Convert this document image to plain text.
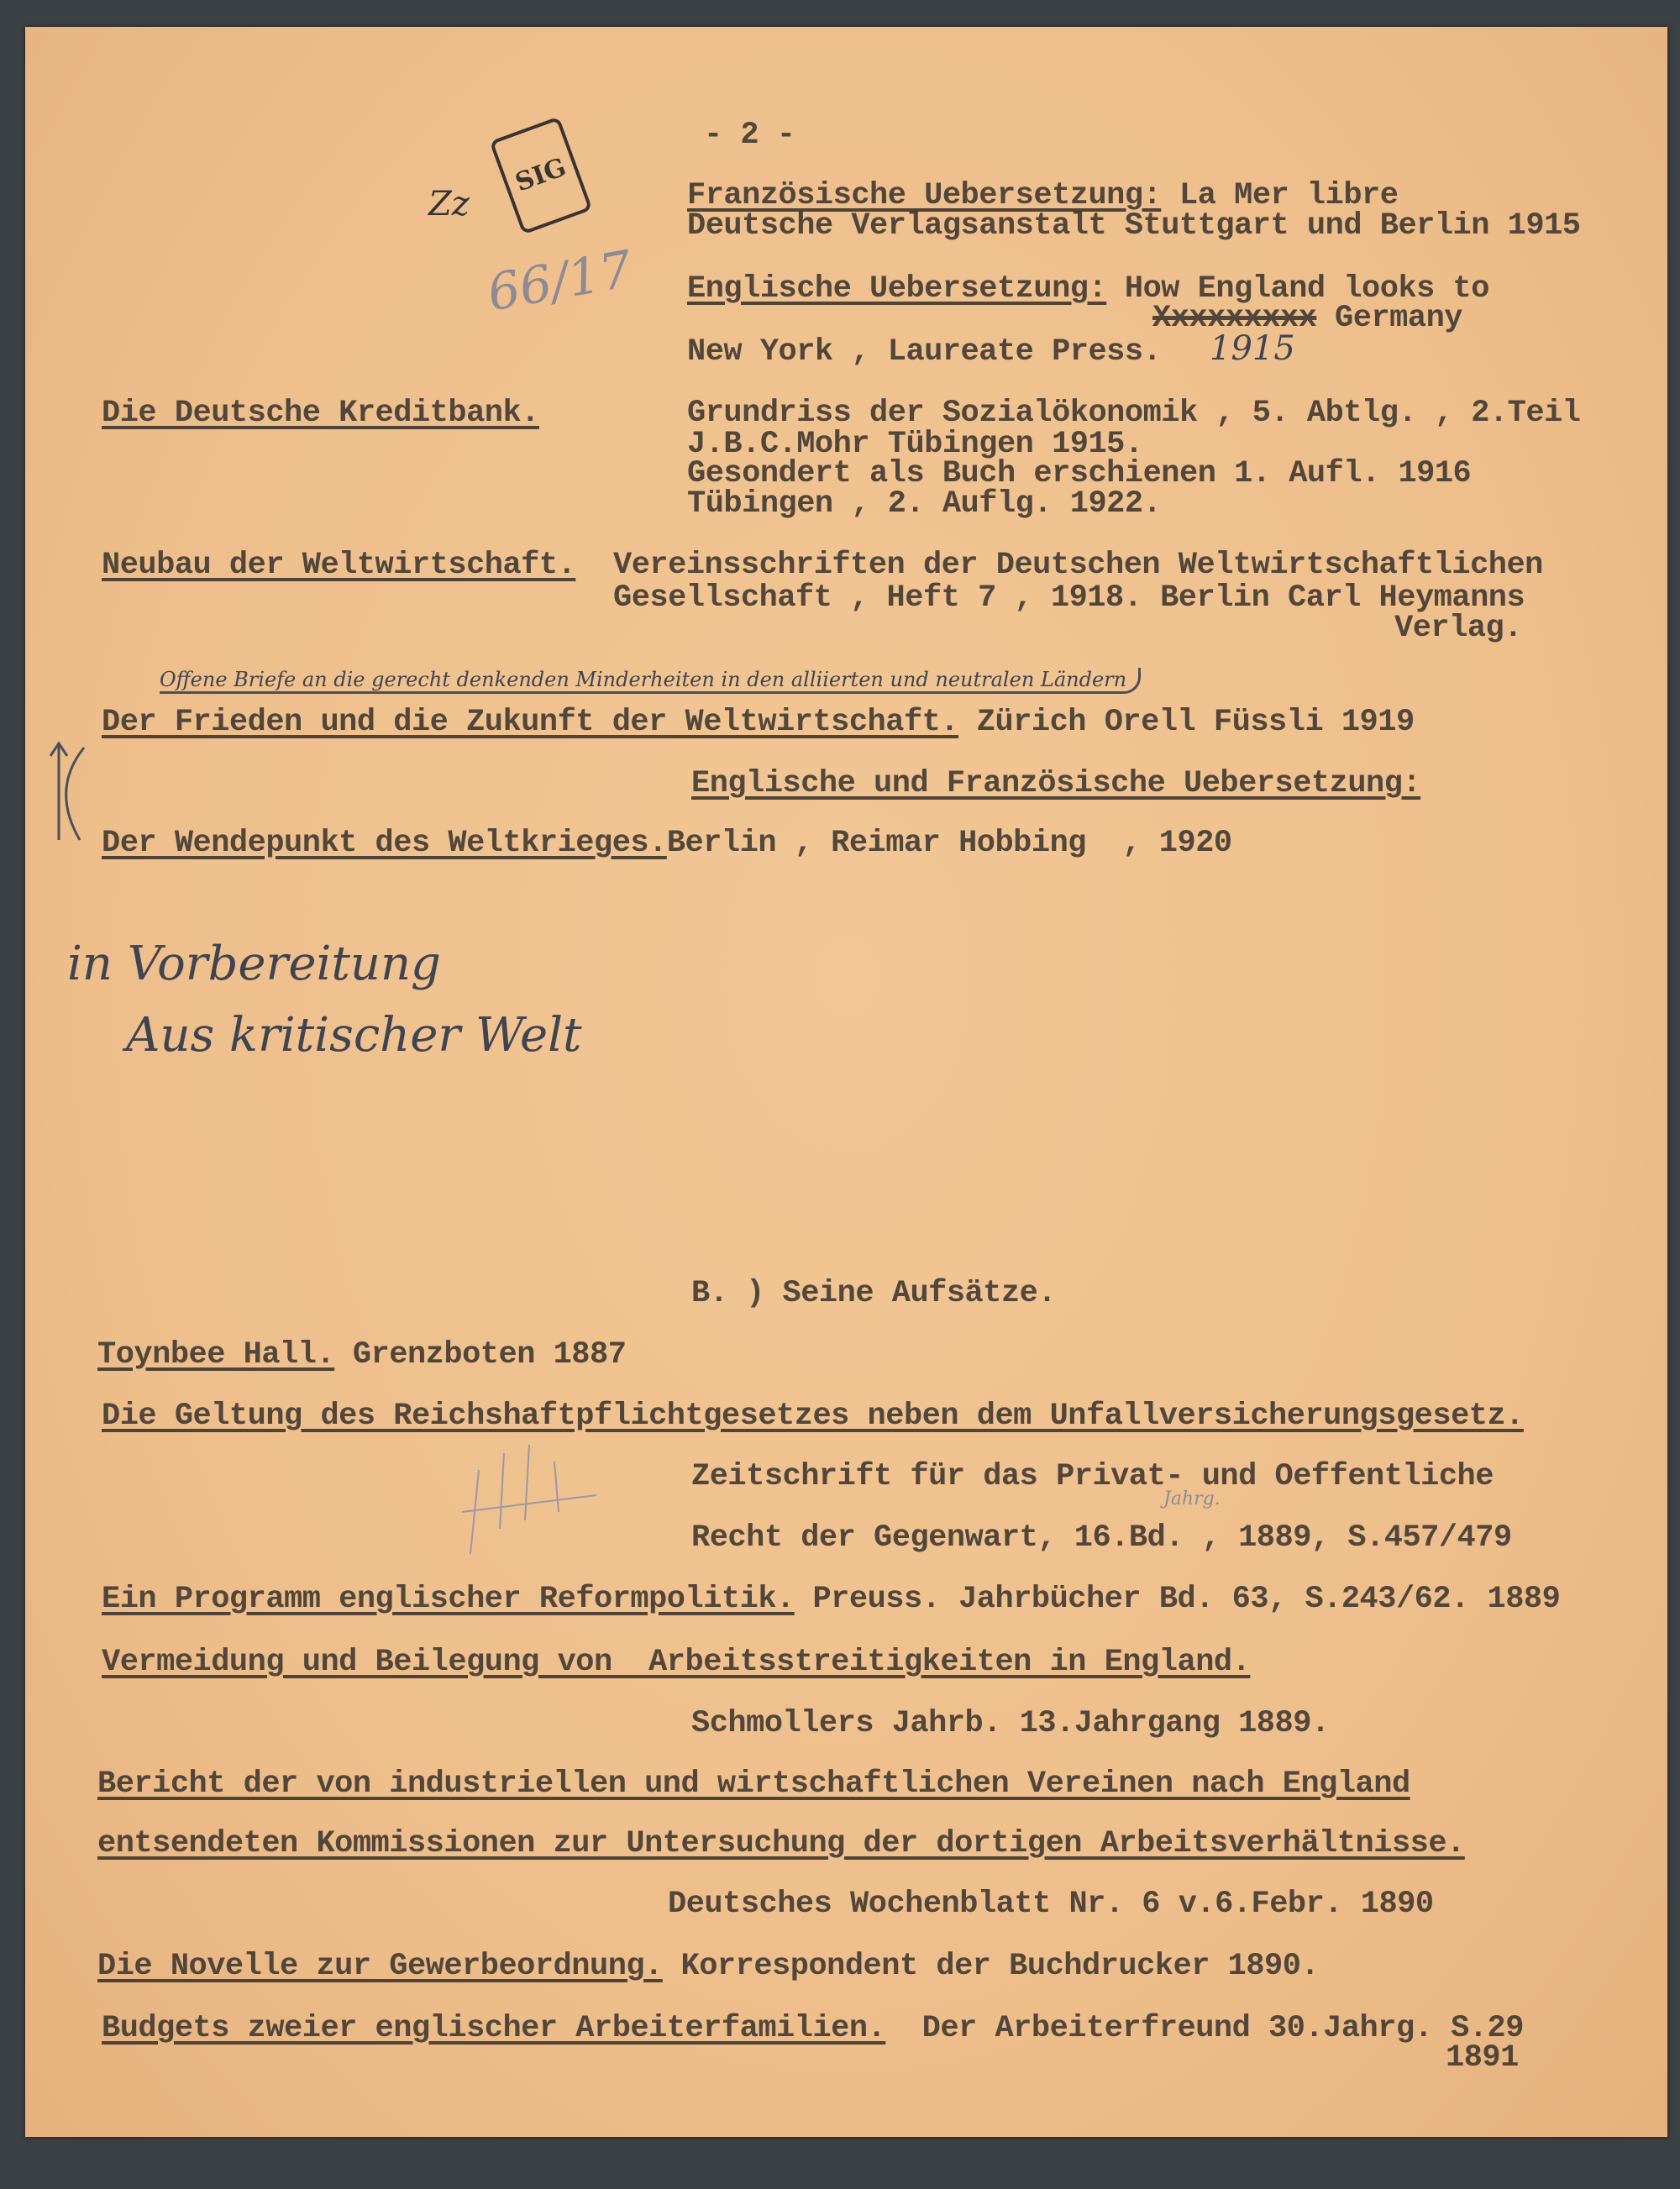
- 2 -
SIG
Zz
66/17
Französische Uebersetzung: La Mer libre
Deutsche Verlagsanstalt Stuttgart und Berlin 1915
Englische Uebersetzung: How England looks to
Xxxxxxxxx Germany
New York , Laureate Press. 1915
Die Deutsche Kreditbank.	Grundriss der Sozialökonomik , 5. Abtlg. , 2.Teil
J.B.C.Mohr Tübingen 1915.
Gesondert als Buch erschienen 1. Aufl. 1916
Tübingen , 2. Auflg. 1922.
Neubau der Weltwirtschaft. Vereinsschriften der Deutschen Weltwirtschaftlichen
Gesellschaft , Heft 7 , 1918. Berlin Carl Heymanns
Verlag.
Offene Briefe an die gerecht denkenden Minderheiten in den alliierten und neutralen Ländern
Der Frieden und die Zukunft der Weltwirtschaft. Zürich Orell Füssli 1919
Englische und Französische Uebersetzung:
Der Wendepunkt des Weltkrieges.Berlin , Reimar Hobbing  , 1920
in Vorbereitung
Aus kritischer Welt
B. ) Seine Aufsätze.
Toynbee Hall. Grenzboten 1887
Die Geltung des Reichshaftpflichtgesetzes neben dem Unfallversicherungsgesetz.
Zeitschrift für das Privat- und Oeffentliche
Jahrg.
Recht der Gegenwart, 16.Bd. , 1889, S.457/479
Ein Programm englischer Reformpolitik. Preuss. Jahrbücher Bd. 63, S.243/62. 1889
Vermeidung und Beilegung von  Arbeitsstreitigkeiten in England.
Schmollers Jahrb. 13.Jahrgang 1889.
Bericht der von industriellen und wirtschaftlichen Vereinen nach England
entsendeten Kommissionen zur Untersuchung der dortigen Arbeitsverhältnisse.
Deutsches Wochenblatt Nr. 6 v.6.Febr. 1890
Die Novelle zur Gewerbeordnung. Korrespondent der Buchdrucker 1890.
Budgets zweier englischer Arbeiterfamilien.  Der Arbeiterfreund 30.Jahrg. S.29
1891
